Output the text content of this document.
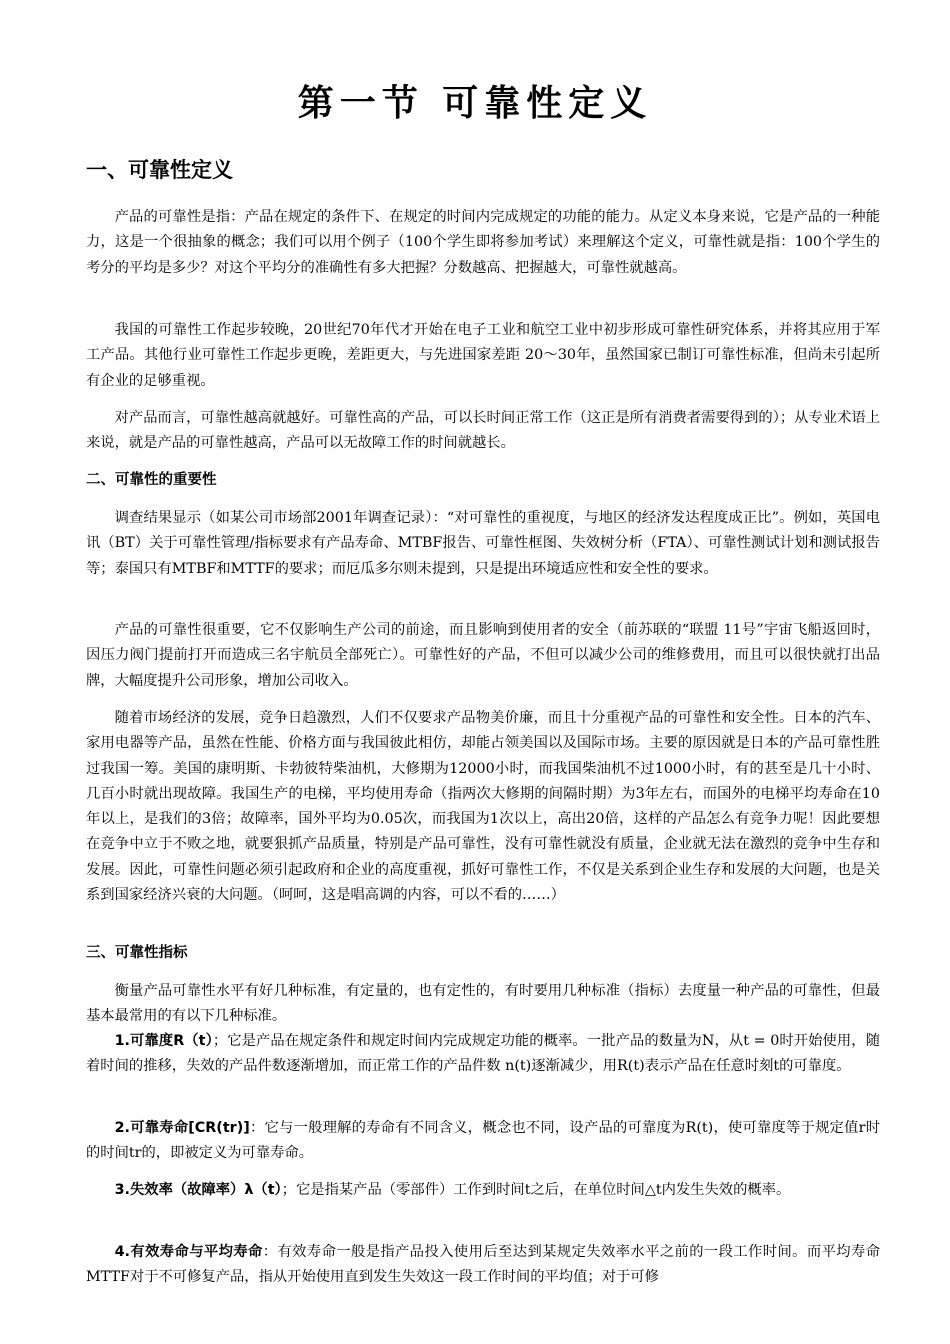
第一节 可靠性定义
一、可靠性定义

产品的可靠性是指：产品在规定的条件下、在规定的时间内完成规定的功能的能力。从定义本身来说，它是产品的一种能力，这是一个很抽象的概念；我们可以用个例子（100个学生即将参加考试）来理解这个定义，可靠性就是指：100个学生的考分的平均是多少？对这个平均分的准确性有多大把握？分数越高、把握越大，可靠性就越高。

我国的可靠性工作起步较晚，20世纪70年代才开始在电子工业和航空工业中初步形成可靠性研究体系，并将其应用于军工产品。其他行业可靠性工作起步更晚，差距更大，与先进国家差距 20～30年，虽然国家已制订可靠性标准，但尚未引起所有企业的足够重视。

对产品而言，可靠性越高就越好。可靠性高的产品，可以长时间正常工作（这正是所有消费者需要得到的）；从专业术语上来说，就是产品的可靠性越高，产品可以无故障工作的时间就越长。

二、可靠性的重要性

调查结果显示（如某公司市场部2001年调查记录）：“对可靠性的重视度，与地区的经济发达程度成正比”。例如，英国电讯（BT）关于可靠性管理/指标要求有产品寿命、MTBF报告、可靠性框图、失效树分析（FTA）、可靠性测试计划和测试报告等；泰国只有MTBF和MTTF的要求；而厄瓜多尔则未提到，只是提出环境适应性和安全性的要求。

产品的可靠性很重要，它不仅影响生产公司的前途，而且影响到使用者的安全（前苏联的“联盟 11号”宇宙飞船返回时，因压力阀门提前打开而造成三名宇航员全部死亡）。可靠性好的产品，不但可以减少公司的维修费用，而且可以很快就打出品牌，大幅度提升公司形象，增加公司收入。

随着市场经济的发展，竞争日趋激烈，人们不仅要求产品物美价廉，而且十分重视产品的可靠性和安全性。日本的汽车、家用电器等产品，虽然在性能、价格方面与我国彼此相仿，却能占领美国以及国际市场。主要的原因就是日本的产品可靠性胜过我国一筹。美国的康明斯、卡勃彼特柴油机，大修期为12000小时，而我国柴油机不过1000小时，有的甚至是几十小时、几百小时就出现故障。我国生产的电梯，平均使用寿命（指两次大修期的间隔时期）为3年左右，而国外的电梯平均寿命在10年以上，是我们的3倍；故障率，国外平均为0.05次，而我国为1次以上，高出20倍，这样的产品怎么有竞争力呢！因此要想在竞争中立于不败之地，就要狠抓产品质量，特别是产品可靠性，没有可靠性就没有质量，企业就无法在激烈的竞争中生存和发展。因此，可靠性问题必须引起政府和企业的高度重视，抓好可靠性工作，不仅是关系到企业生存和发展的大问题，也是关系到国家经济兴衰的大问题。（呵呵，这是唱高调的内容，可以不看的……）

三、可靠性指标

衡量产品可靠性水平有好几种标准，有定量的，也有定性的，有时要用几种标准（指标）去度量一种产品的可靠性，但最基本最常用的有以下几种标准。

1.可靠度R（t）；它是产品在规定条件和规定时间内完成规定功能的概率。一批产品的数量为N，从t = 0时开始使用，随着时间的推移，失效的产品件数逐渐增加，而正常工作的产品件数 n(t)逐渐减少，用R(t)表示产品在任意时刻t的可靠度。

2.可靠寿命[CR(tr)]：它与一般理解的寿命有不同含义，概念也不同，设产品的可靠度为R(t)，使可靠度等于规定值r时的时间tr的，即被定义为可靠寿命。

3.失效率（故障率）λ（t）；它是指某产品（零部件）工作到时间t之后，在单位时间△t内发生失效的概率。

4.有效寿命与平均寿命：有效寿命一般是指产品投入使用后至达到某规定失效率水平之前的一段工作时间。而平均寿命MTTF对于不可修复产品，指从开始使用直到发生失效这一段工作时间的平均值；对于可修
